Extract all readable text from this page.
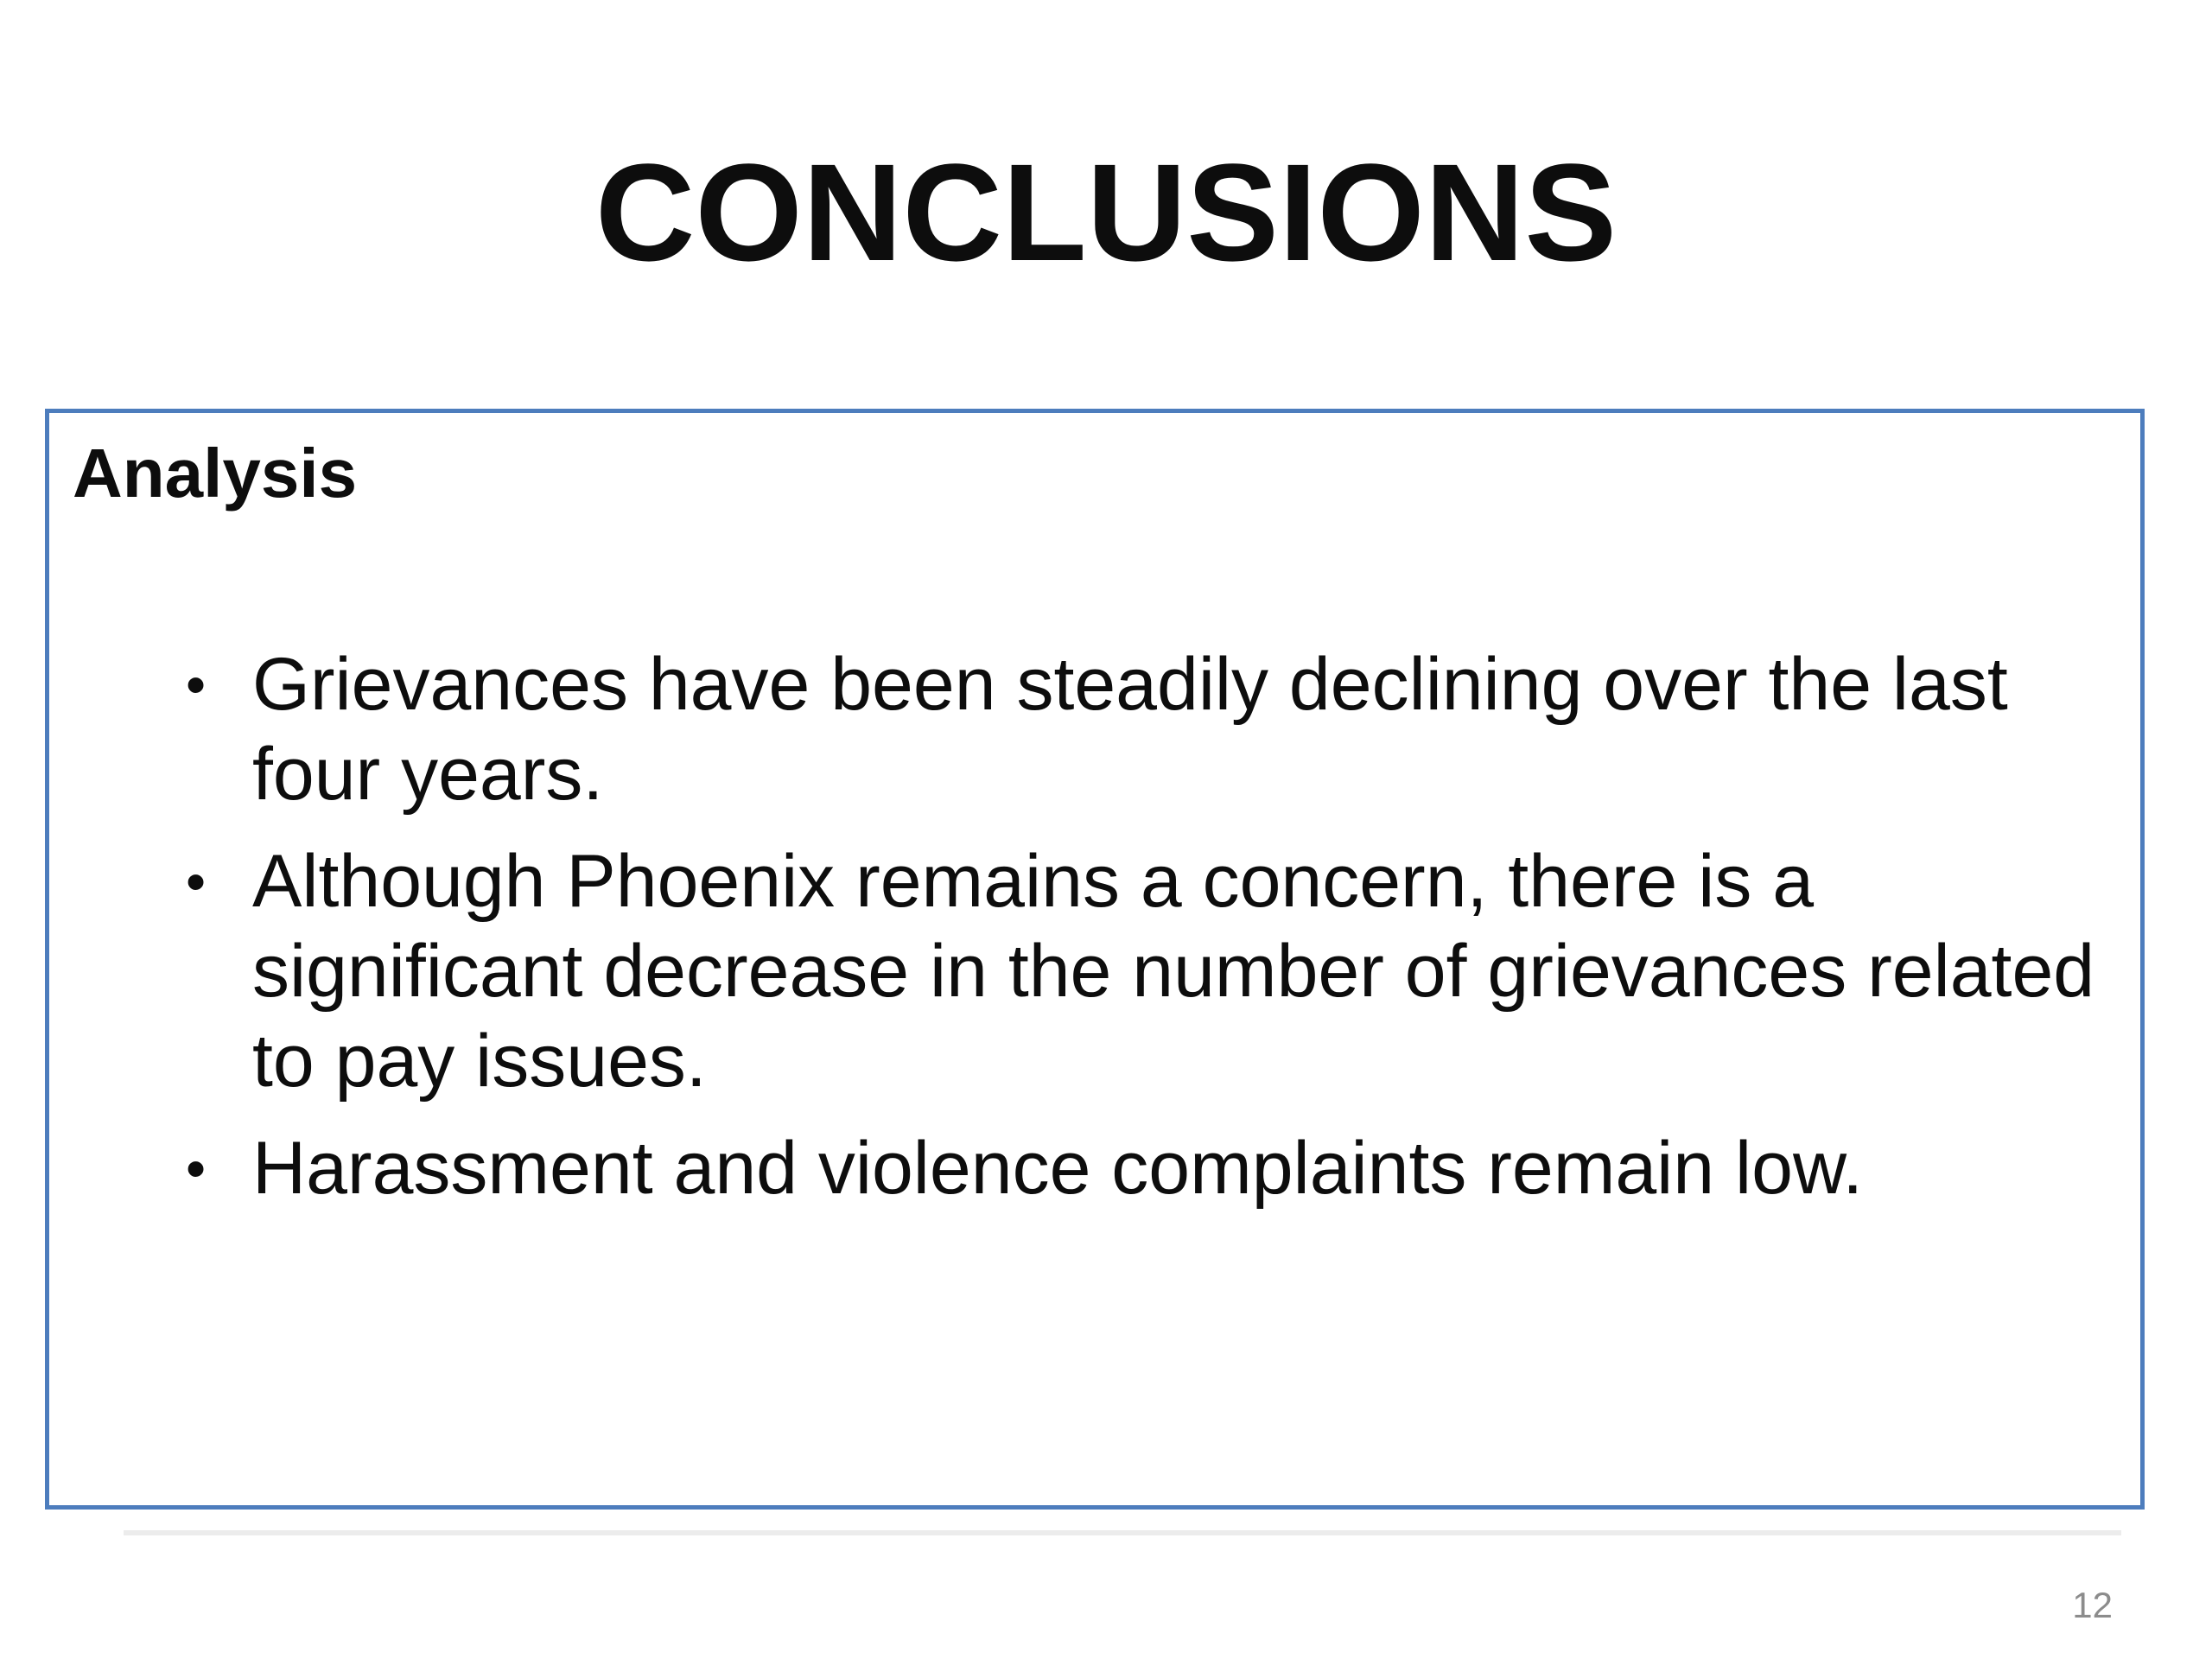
CONCLUSIONS
Analysis
• Grievances have been steadily declining over the last four years.
• Although Phoenix remains a concern, there is a significant decrease in the number of grievances related to pay issues.
• Harassment and violence complaints remain low.
12
